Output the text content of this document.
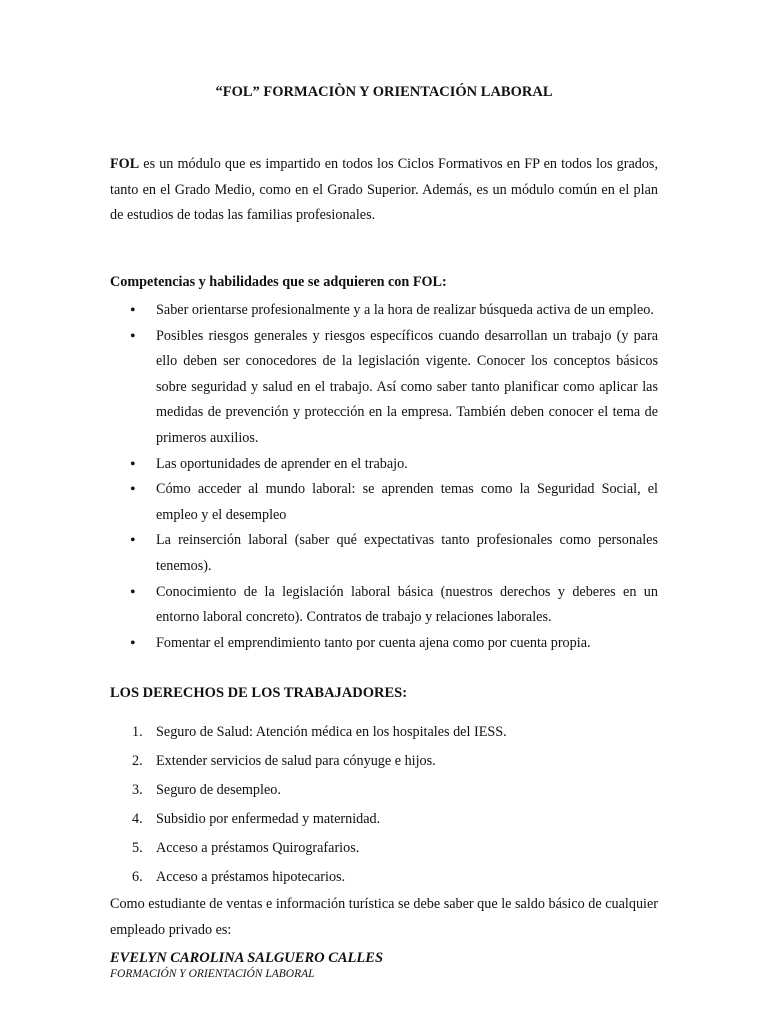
“FOL” FORMACIÒN Y ORIENTACIÓN LABORAL

FOL es un módulo que es impartido en todos los Ciclos Formativos en FP en todos los grados, tanto en el Grado Medio, como en el Grado Superior. Además, es un módulo común en el plan de estudios de todas las familias profesionales.

Competencias y habilidades que se adquieren con FOL:

• Saber orientarse profesionalmente y a la hora de realizar búsqueda activa de un empleo.
• Posibles riesgos generales y riesgos específicos cuando desarrollan un trabajo (y para ello deben ser conocedores de la legislación vigente. Conocer los conceptos básicos sobre seguridad y salud en el trabajo. Así como saber tanto planificar como aplicar las medidas de prevención y protección en la empresa. También deben conocer el tema de primeros auxilios.
• Las oportunidades de aprender en el trabajo.
• Cómo acceder al mundo laboral: se aprenden temas como la Seguridad Social, el empleo y el desempleo
• La reinserción laboral (saber qué expectativas tanto profesionales como personales tenemos).
• Conocimiento de la legislación laboral básica (nuestros derechos y deberes en un entorno laboral concreto). Contratos de trabajo y relaciones laborales.
• Fomentar el emprendimiento tanto por cuenta ajena como por cuenta propia.

LOS DERECHOS DE LOS TRABAJADORES:

1. Seguro de Salud: Atención médica en los hospitales del IESS.
2. Extender servicios de salud para cónyuge e hijos.
3. Seguro de desempleo.
4. Subsidio por enfermedad y maternidad.
5. Acceso a préstamos Quirografarios.
6. Acceso a préstamos hipotecarios.

Como estudiante de ventas e información turística se debe saber que le saldo básico de cualquier empleado privado es:

EVELYN CAROLINA SALGUERO CALLES
FORMACIÓN Y ORIENTACIÓN LABORAL
